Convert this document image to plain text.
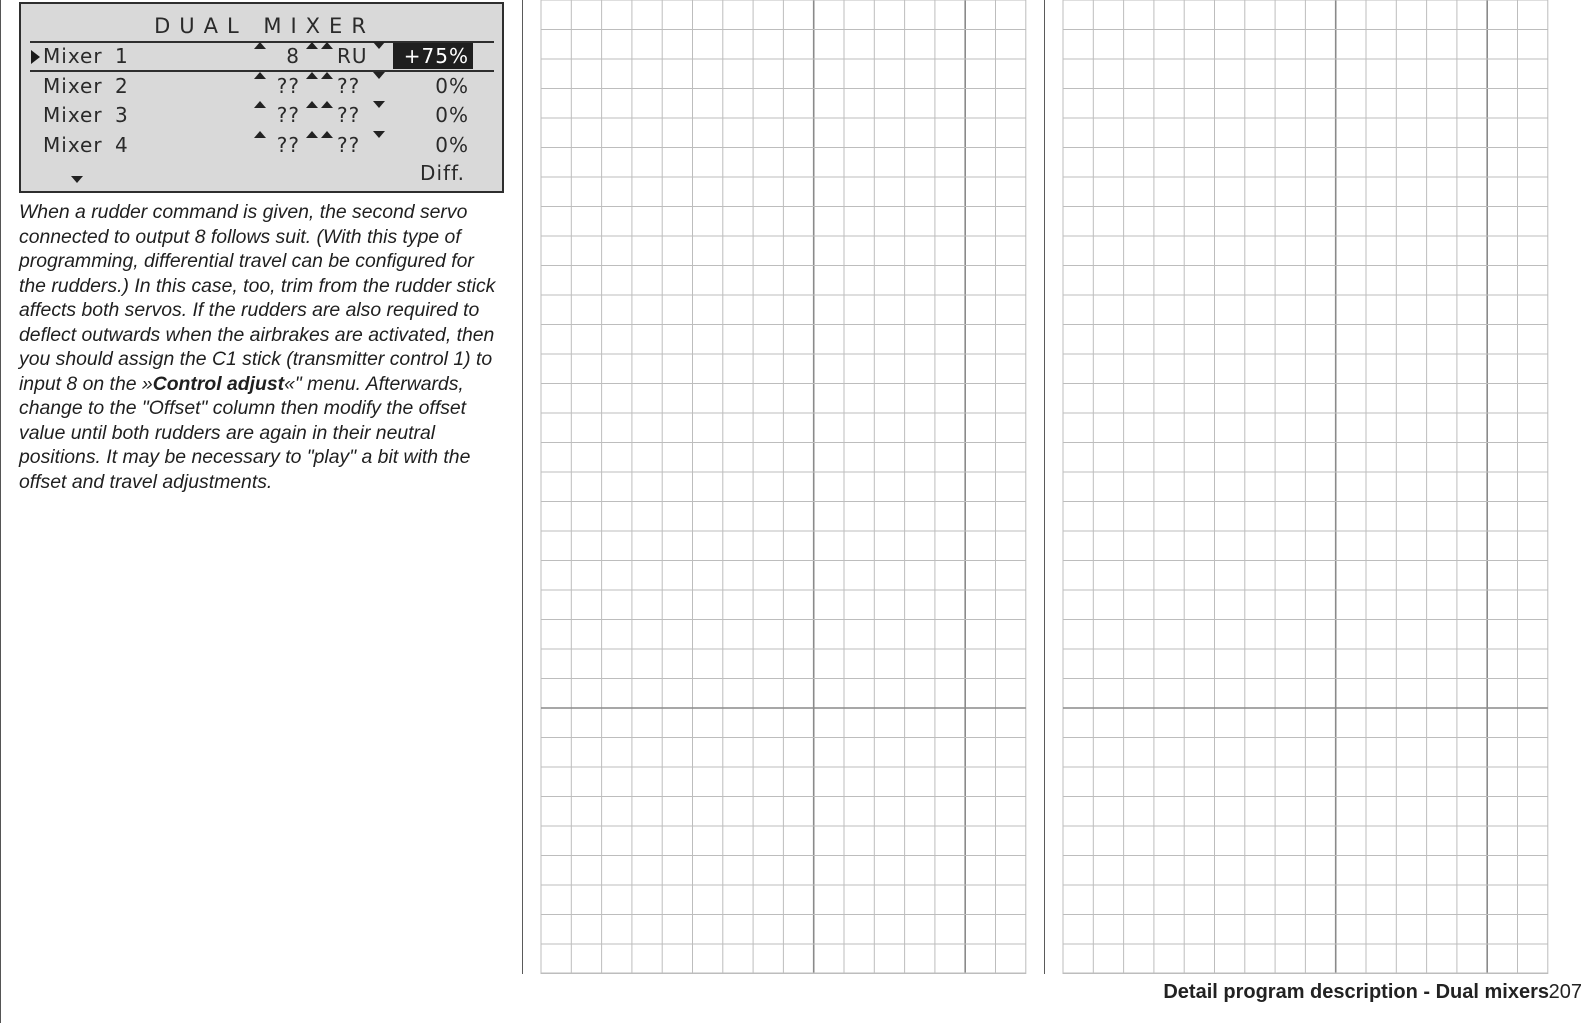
DUAL MIXER
Mixer 1	8 RU	+75%
Mixer 2	?? ??	0%
Mixer 3	?? ??	0%
Mixer 4	?? ??	0%
Diff.

When a rudder command is given, the second servo connected to output 8 follows suit. (With this type of programming, differential travel can be configured for the rudders.) In this case, too, trim from the rudder stick affects both servos. If the rudders are also required to deflect outwards when the airbrakes are activated, then you should assign the C1 stick (transmitter control 1) to input 8 on the »Control adjust«" menu. Afterwards, change to the "Offset" column then modify the offset value until both rudders are again in their neutral positions. It may be necessary to "play" a bit with the offset and travel adjustments.

Detail program description - Dual mixers 207
